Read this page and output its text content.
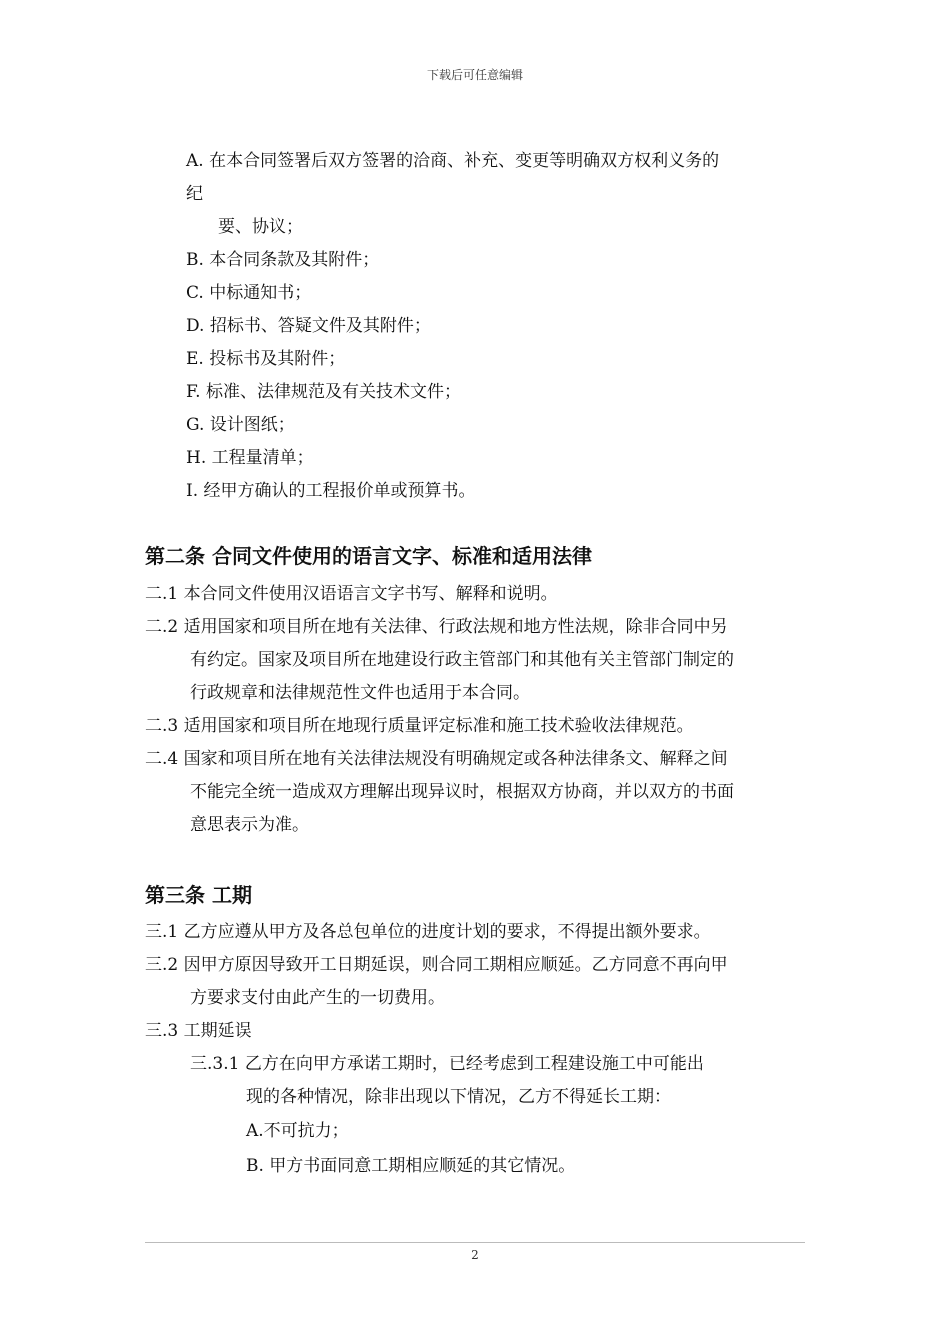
下载后可任意编辑
A. 在本合同签署后双方签署的洽商、补充、变更等明确双方权利义务的
纪
要、协议；
B. 本合同条款及其附件；
C. 中标通知书；
D. 招标书、答疑文件及其附件；
E. 投标书及其附件；
F. 标准、法律规范及有关技术文件；
G. 设计图纸；
H. 工程量清单；
I. 经甲方确认的工程报价单或预算书。
第二条 合同文件使用的语言文字、标准和适用法律
二.1 本合同文件使用汉语语言文字书写、解释和说明。
二.2 适用国家和项目所在地有关法律、行政法规和地方性法规，除非合同中另
有约定。国家及项目所在地建设行政主管部门和其他有关主管部门制定的
行政规章和法律规范性文件也适用于本合同。
二.3 适用国家和项目所在地现行质量评定标准和施工技术验收法律规范。
二.4 国家和项目所在地有关法律法规没有明确规定或各种法律条文、解释之间
不能完全统一造成双方理解出现异议时，根据双方协商，并以双方的书面
意思表示为准。
第三条 工期
三.1 乙方应遵从甲方及各总包单位的进度计划的要求，不得提出额外要求。
三.2 因甲方原因导致开工日期延误，则合同工期相应顺延。乙方同意不再向甲
方要求支付由此产生的一切费用。
三.3 工期延误
三.3.1 乙方在向甲方承诺工期时，已经考虑到工程建设施工中可能出
现的各种情况，除非出现以下情况，乙方不得延长工期：
A.不可抗力；
B. 甲方书面同意工期相应顺延的其它情况。
2
